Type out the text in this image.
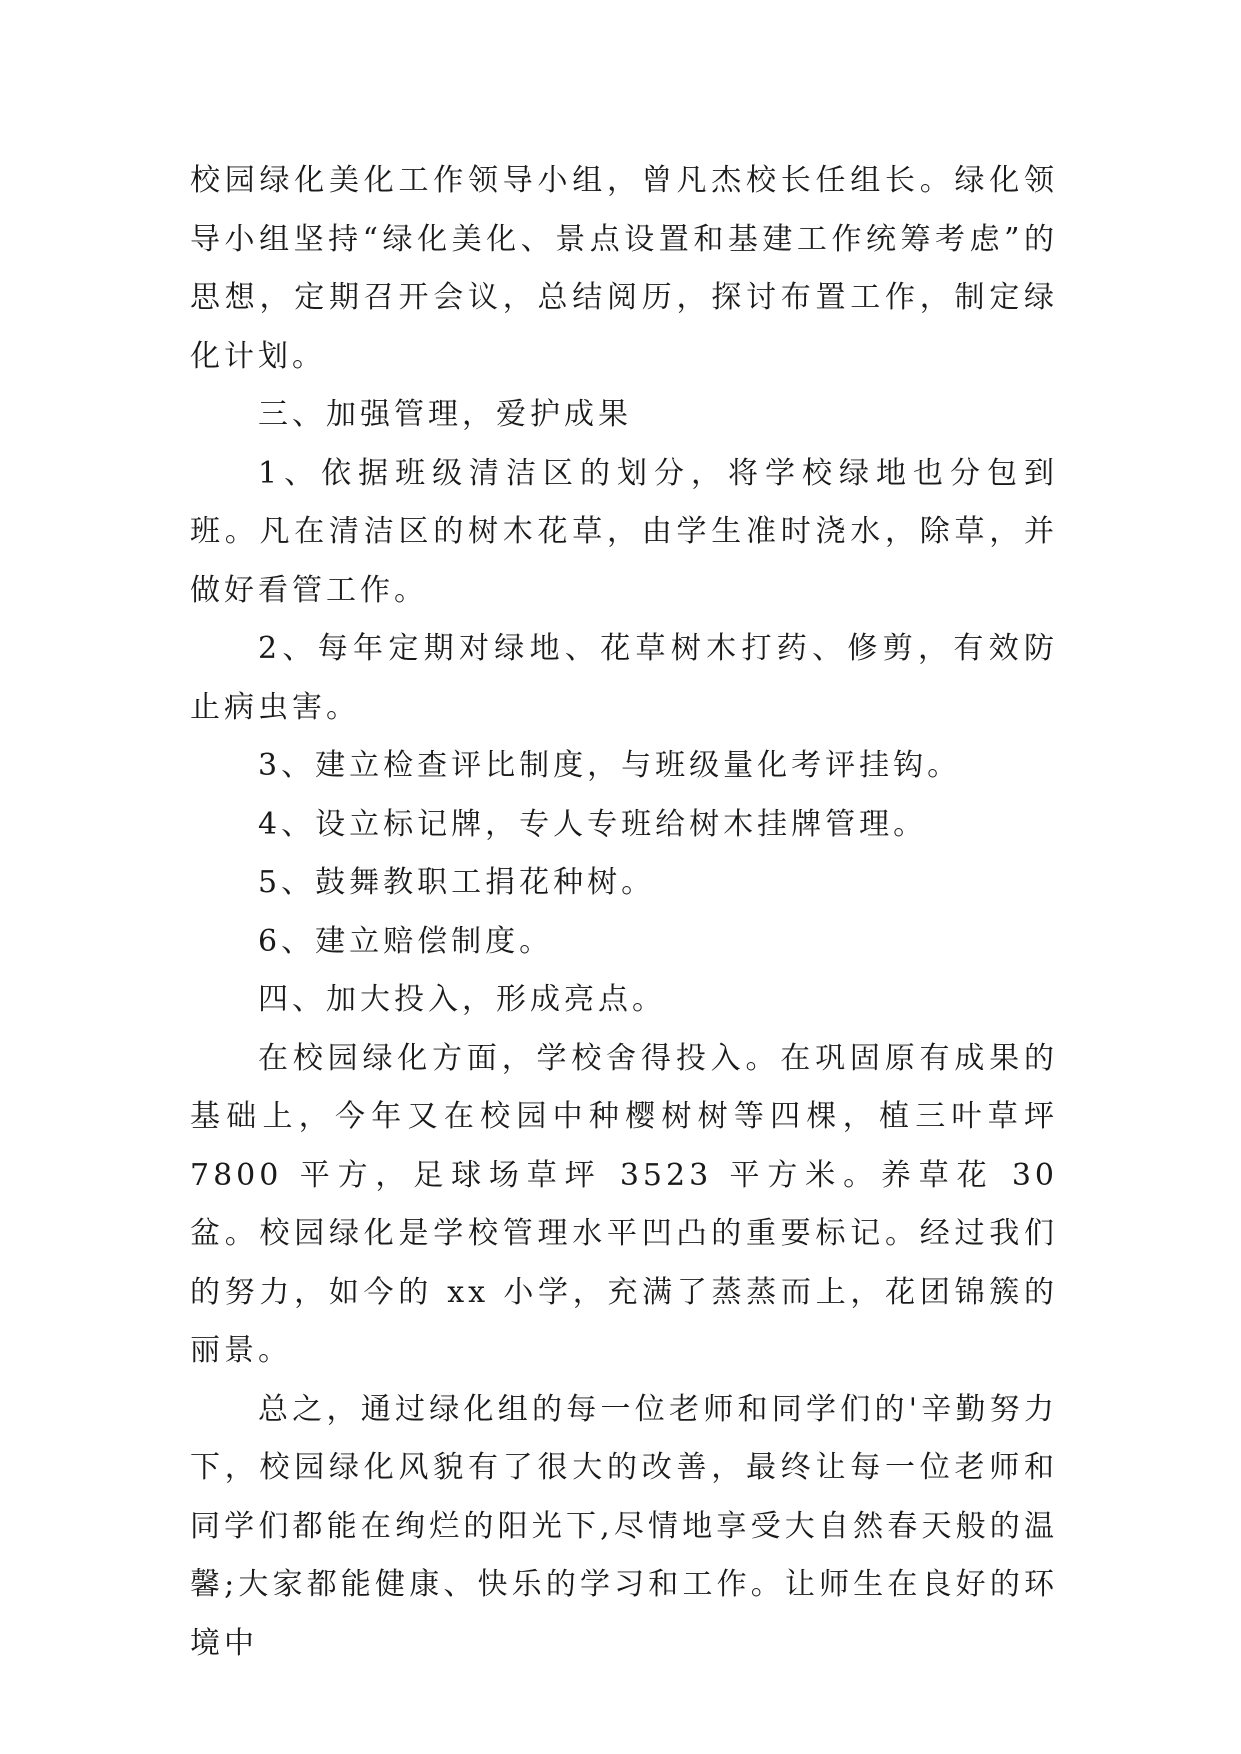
校园绿化美化工作领导小组，曾凡杰校长任组长。绿化领导小组坚持“绿化美化、景点设置和基建工作统筹考虑”的思想，定期召开会议，总结阅历，探讨布置工作，制定绿化计划。

三、加强管理，爱护成果

1、依据班级清洁区的划分，将学校绿地也分包到班。凡在清洁区的树木花草，由学生准时浇水，除草，并做好看管工作。

2、每年定期对绿地、花草树木打药、修剪，有效防止病虫害。

3、建立检查评比制度，与班级量化考评挂钩。

4、设立标记牌，专人专班给树木挂牌管理。

5、鼓舞教职工捐花种树。

6、建立赔偿制度。

四、加大投入，形成亮点。

在校园绿化方面，学校舍得投入。在巩固原有成果的基础上，今年又在校园中种樱树树等四棵，植三叶草坪 7800 平方，足球场草坪 3523 平方米。养草花 30 盆。校园绿化是学校管理水平凹凸的重要标记。经过我们的努力，如今的 xx 小学，充满了蒸蒸而上，花团锦簇的丽景。

总之，通过绿化组的每一位老师和同学们的'辛勤努力下，校园绿化风貌有了很大的改善，最终让每一位老师和同学们都能在绚烂的阳光下,尽情地享受大自然春天般的温馨;大家都能健康、快乐的学习和工作。让师生在良好的环境中
